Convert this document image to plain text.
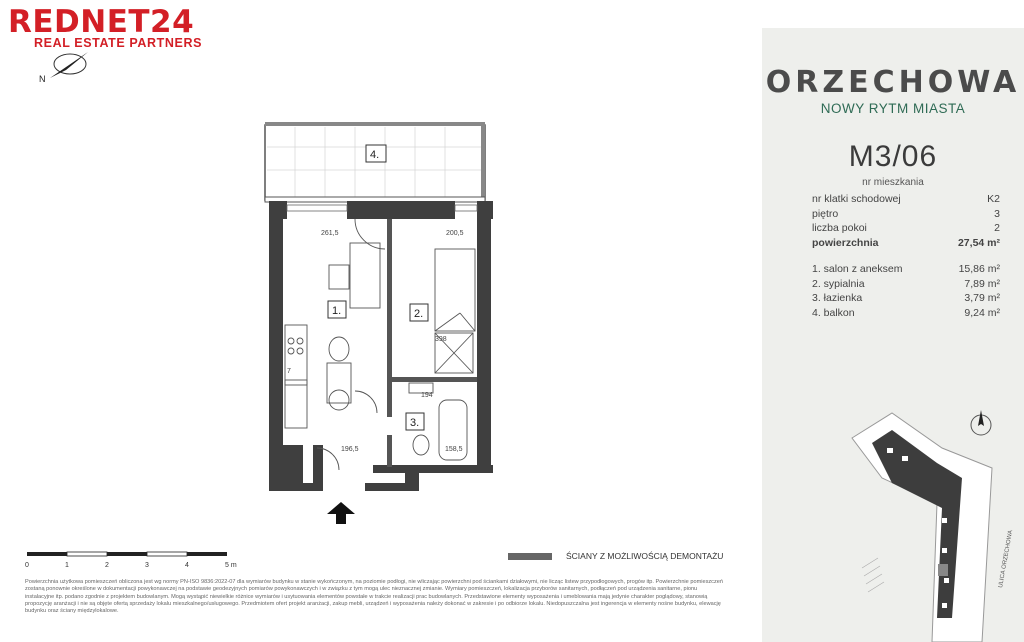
REDNET24
REAL ESTATE PARTNERS
N
4.
1.	2.
3.
261,5	200,5
398
196,5	158,5
194
7
ORZECHOWA
NOWY RYTM MIASTA
M3/06
nr mieszkania
nr klatki schodowej	K2
piętro	3
liczba pokoi	2
powierzchnia	27,54 m²
1. salon z aneksem	15,86 m²
2. sypialnia	7,89 m²
3. łazienka	3,79 m²
4. balkon	9,24 m²
ULICA ORZECHOWA
0	1	2	3	4	5 m
ŚCIANY Z MOŻLIWOŚCIĄ DEMONTAŻU
Powierzchnia użytkowa pomieszczeń obliczona jest wg normy PN-ISO 9836:2022-07 dla wymiarów budynku w stanie wykończonym, na poziomie podłogi, nie wliczając powierzchni pod ściankami działowymi, nie licząc listew przypodłogowych, progów itp. Powierzchnie pomieszczeń zostaną ponownie określone w dokumentacji powykonawczej na podstawie geodezyjnych pomiarów powykonawczych i w związku z tym mogą ulec nieznacznej zmianie. Wymiary pomieszczeń, lokalizacja przyborów sanitarnych, podłączeń pod urządzenia sanitarne, pionu instalacyjne itp. podano zgodnie z projektem budowlanym. Mogą wystąpić niewielkie różnice wymiarów i usytuowania elementów powstałe w trakcie realizacji prac budowlanych. Przedstawione elementy wyposażenia i umeblowania mają jedynie charakter poglądowy, stanowią propozycję aranżacji i nie są objęte ofertą sprzedaży lokalu mieszkalnego/usługowego. Przedmiotem ofert projekt aranżacji, zakup mebli, urządzeń i wyposażenia należy dokonać w zakresie i po odbiorze lokalu. Niedopuszczalna jest ingerencja w elementy nośne budynku, elewację budynku oraz ściany międzylokalowe.
